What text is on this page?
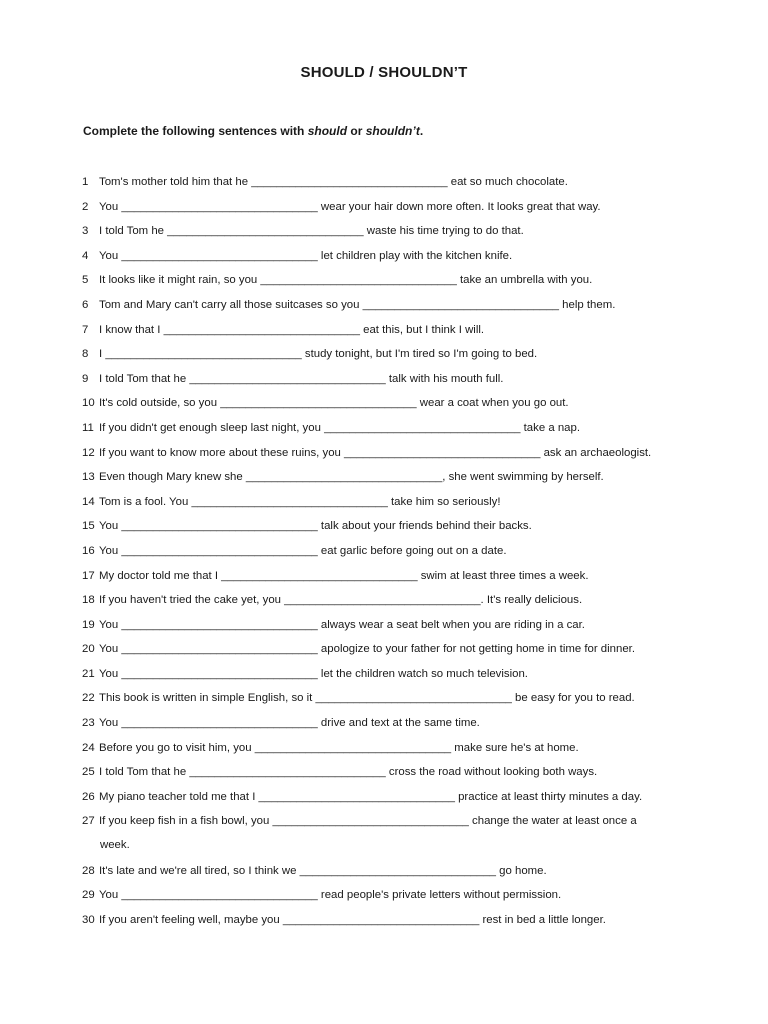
SHOULD / SHOULDN’T
Complete the following sentences with should or shouldn’t.
1 Tom's mother told him that he _______________________________ eat so much chocolate.
2 You _______________________________ wear your hair down more often. It looks great that way.
3 I told Tom he _______________________________ waste his time trying to do that.
4 You _______________________________ let children play with the kitchen knife.
5 It looks like it might rain, so you _______________________________ take an umbrella with you.
6 Tom and Mary can't carry all those suitcases so you _______________________________ help them.
7 I know that I _______________________________ eat this, but I think I will.
8 I _______________________________ study tonight, but I'm tired so I'm going to bed.
9 I told Tom that he _______________________________ talk with his mouth full.
10 It's cold outside, so you _______________________________ wear a coat when you go out.
11 If you didn't get enough sleep last night, you _______________________________ take a nap.
12 If you want to know more about these ruins, you _______________________________ ask an archaeologist.
13 Even though Mary knew she _______________________________, she went swimming by herself.
14 Tom is a fool. You _______________________________ take him so seriously!
15 You _______________________________ talk about your friends behind their backs.
16 You _______________________________ eat garlic before going out on a date.
17 My doctor told me that I _______________________________ swim at least three times a week.
18 If you haven't tried the cake yet, you _______________________________. It's really delicious.
19 You _______________________________ always wear a seat belt when you are riding in a car.
20 You _______________________________ apologize to your father for not getting home in time for dinner.
21 You _______________________________ let the children watch so much television.
22 This book is written in simple English, so it _______________________________ be easy for you to read.
23 You _______________________________ drive and text at the same time.
24 Before you go to visit him, you _______________________________ make sure he's at home.
25 I told Tom that he _______________________________ cross the road without looking both ways.
26 My piano teacher told me that I _______________________________ practice at least thirty minutes a day.
27 If you keep fish in a fish bowl, you _______________________________ change the water at least once a
week.
28 It's late and we're all tired, so I think we _______________________________ go home.
29 You _______________________________ read people's private letters without permission.
30 If you aren't feeling well, maybe you _______________________________ rest in bed a little longer.
